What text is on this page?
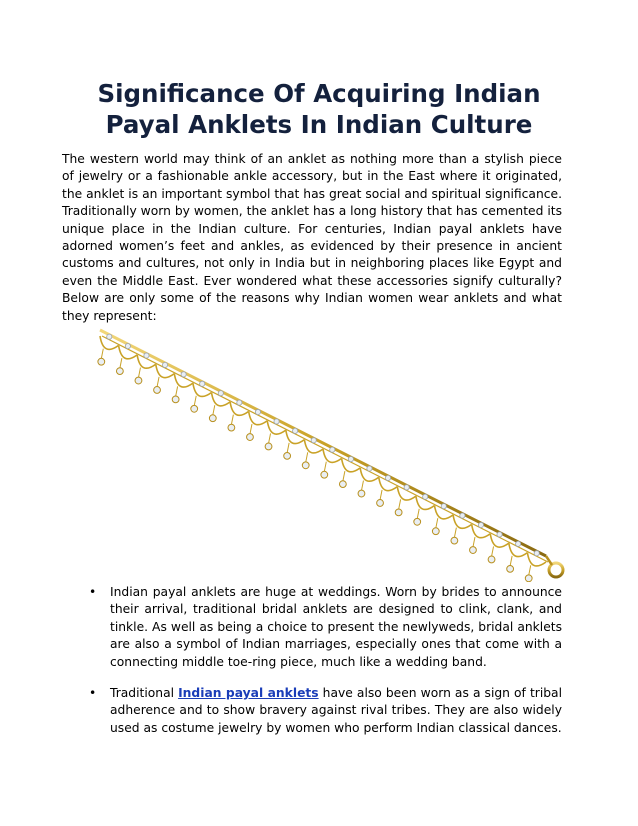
Significance Of Acquiring Indian Payal Anklets In Indian Culture

The western world may think of an anklet as nothing more than a stylish piece of jewelry or a fashionable ankle accessory, but in the East where it originated, the anklet is an important symbol that has great social and spiritual significance. Traditionally worn by women, the anklet has a long history that has cemented its unique place in the Indian culture. For centuries, Indian payal anklets have adorned women’s feet and ankles, as evidenced by their presence in ancient customs and cultures, not only in India but in neighboring places like Egypt and even the Middle East. Ever wondered what these accessories signify culturally? Below are only some of the reasons why Indian women wear anklets and what they represent:

• Indian payal anklets are huge at weddings. Worn by brides to announce their arrival, traditional bridal anklets are designed to clink, clank, and tinkle. As well as being a choice to present the newlyweds, bridal anklets are also a symbol of Indian marriages, especially ones that come with a connecting middle toe-ring piece, much like a wedding band.
• Traditional Indian payal anklets have also been worn as a sign of tribal adherence and to show bravery against rival tribes. They are also widely used as costume jewelry by women who perform Indian classical dances.
